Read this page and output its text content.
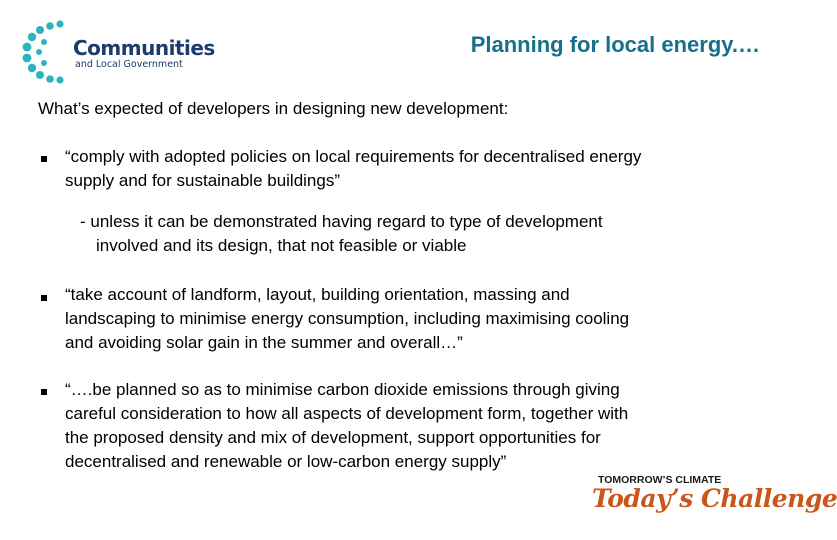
Communities
and Local Government
Planning for local energy.…
What’s expected of developers in designing new development:
“comply with adopted policies on local requirements for decentralised energy
supply and for sustainable buildings”
- unless it can be demonstrated having regard to type of development
involved and its design, that not feasible or viable
“take account of landform, layout, building orientation, massing and
landscaping to minimise energy consumption, including maximising cooling
and avoiding solar gain in the summer and overall…”
“….be planned so as to minimise carbon dioxide emissions through giving
careful consideration to how all aspects of development form, together with
the proposed density and mix of development, support opportunities for
decentralised and renewable or low-carbon energy supply”
TOMORROW’S CLIMATE
Today’s Challenge
